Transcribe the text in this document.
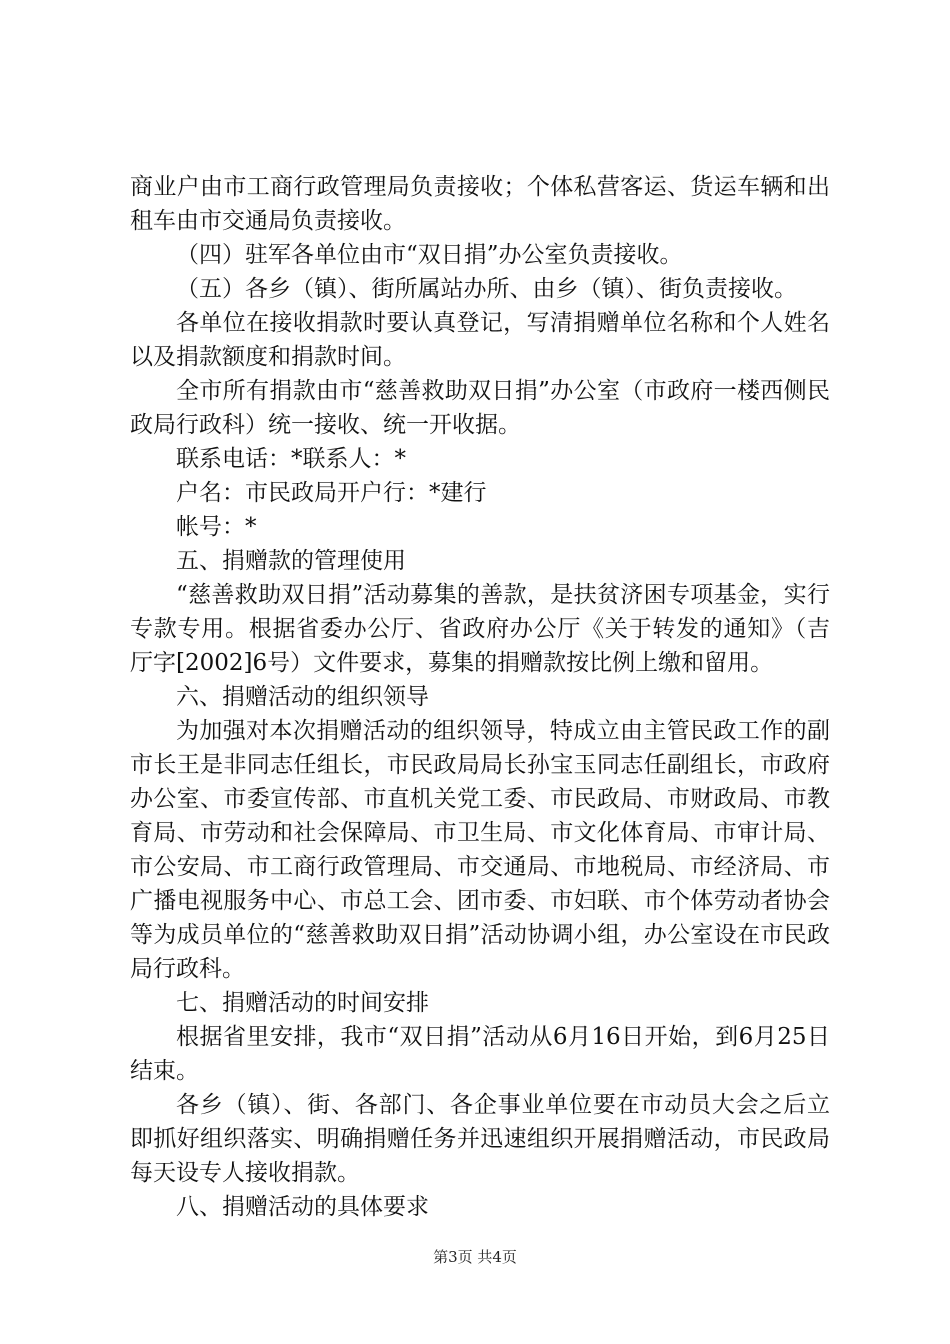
商业户由市工商行政管理局负责接收；个体私营客运、货运车辆和出租车由市交通局负责接收。

（四）驻军各单位由市“双日捐”办公室负责接收。

（五）各乡（镇）、街所属站办所、由乡（镇）、街负责接收。

各单位在接收捐款时要认真登记，写清捐赠单位名称和个人姓名以及捐款额度和捐款时间。

全市所有捐款由市“慈善救助双日捐”办公室（市政府一楼西侧民政局行政科）统一接收、统一开收据。

联系电话：*联系人：*

户名：市民政局开户行：*建行

帐号：*

五、捐赠款的管理使用

“慈善救助双日捐”活动募集的善款，是扶贫济困专项基金，实行专款专用。根据省委办公厅、省政府办公厅《关于转发的通知》（吉厅字[2002]6号）文件要求，募集的捐赠款按比例上缴和留用。

六、捐赠活动的组织领导

为加强对本次捐赠活动的组织领导，特成立由主管民政工作的副市长王是非同志任组长，市民政局局长孙宝玉同志任副组长，市政府办公室、市委宣传部、市直机关党工委、市民政局、市财政局、市教育局、市劳动和社会保障局、市卫生局、市文化体育局、市审计局、市公安局、市工商行政管理局、市交通局、市地税局、市经济局、市广播电视服务中心、市总工会、团市委、市妇联、市个体劳动者协会等为成员单位的“慈善救助双日捐”活动协调小组，办公室设在市民政局行政科。

七、捐赠活动的时间安排

根据省里安排，我市“双日捐”活动从6月16日开始，到6月25日结束。

各乡（镇）、街、各部门、各企事业单位要在市动员大会之后立即抓好组织落实、明确捐赠任务并迅速组织开展捐赠活动，市民政局每天设专人接收捐款。

八、捐赠活动的具体要求

第3页 共4页
